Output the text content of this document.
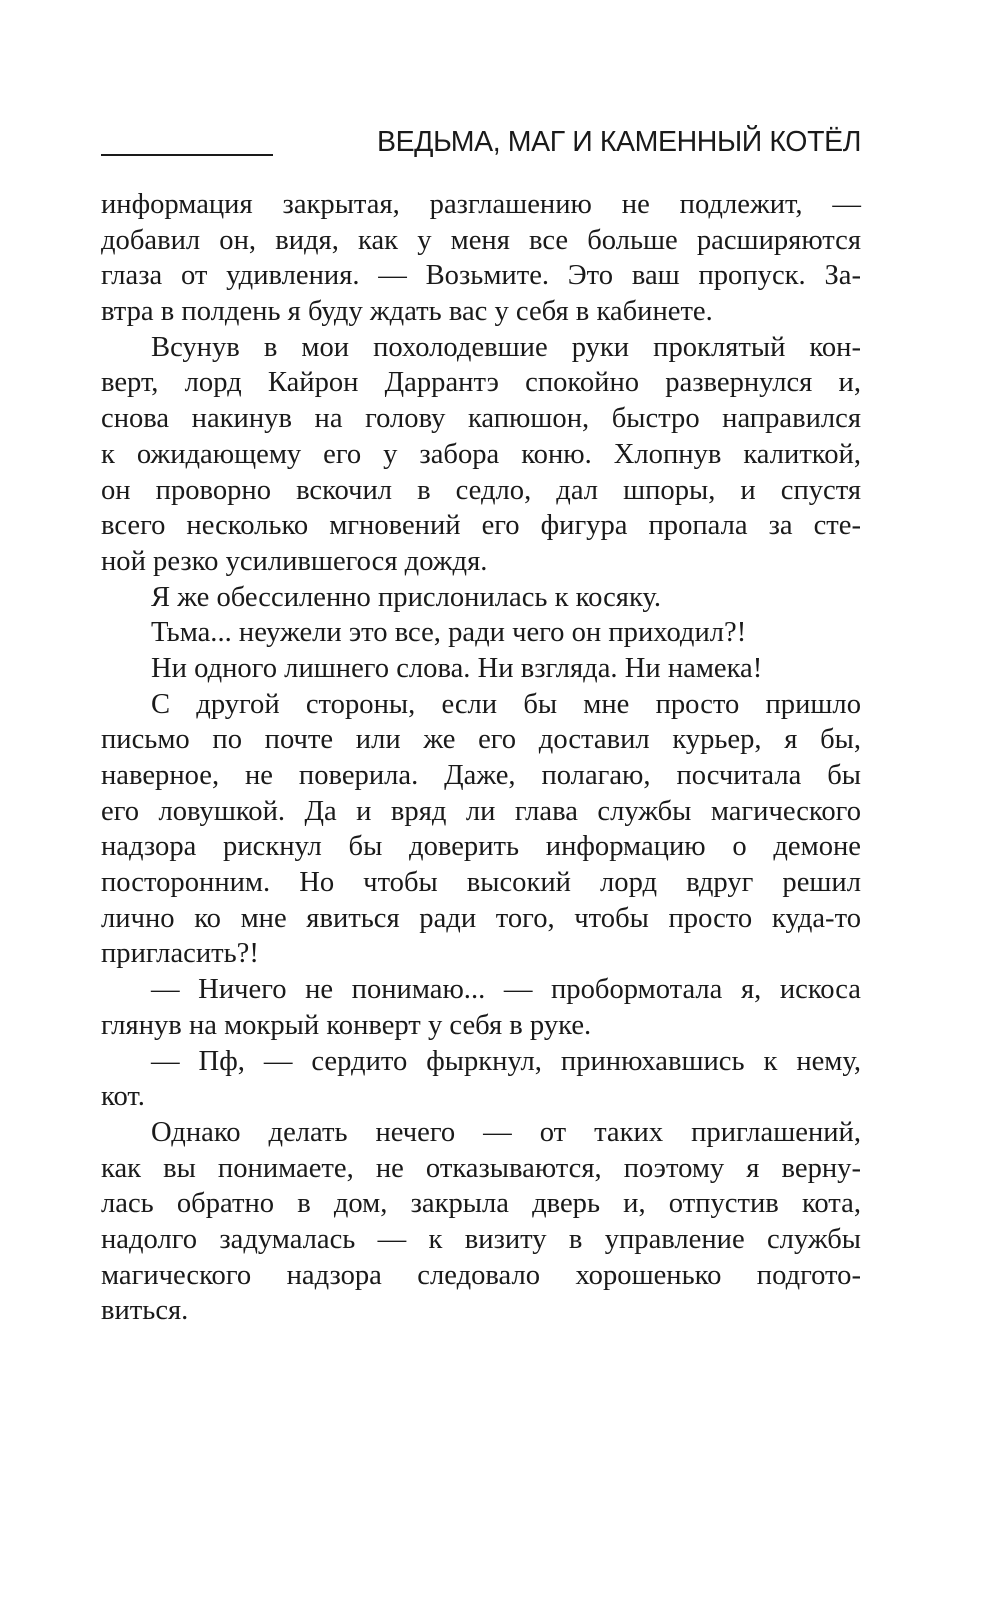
ВЕДЬМА, МАГ И КАМЕННЫЙ КОТЁЛ
информация закрытая, разглашению не подлежит, —
добавил он, видя, как у меня все больше расширяются
глаза от удивления. — Возьмите. Это ваш пропуск. За-
втра в полдень я буду ждать вас у себя в кабинете.
Всунув в мои похолодевшие руки проклятый кон-
верт, лорд Кайрон Даррантэ спокойно развернулся и,
снова накинув на голову капюшон, быстро направился
к ожидающему его у забора коню. Хлопнув калиткой,
он проворно вскочил в седло, дал шпоры, и спустя
всего несколько мгновений его фигура пропала за сте-
ной резко усилившегося дождя.
Я же обессиленно прислонилась к косяку.
Тьма... неужели это все, ради чего он приходил?!
Ни одного лишнего слова. Ни взгляда. Ни намека!
С другой стороны, если бы мне просто пришло
письмо по почте или же его доставил курьер, я бы,
наверное, не поверила. Даже, полагаю, посчитала бы
его ловушкой. Да и вряд ли глава службы магического
надзора рискнул бы доверить информацию о демоне
посторонним. Но чтобы высокий лорд вдруг решил
лично ко мне явиться ради того, чтобы просто куда-то
пригласить?!
— Ничего не понимаю... — пробормотала я, искоса
глянув на мокрый конверт у себя в руке.
— Пф, — сердито фыркнул, принюхавшись к нему,
кот.
Однако делать нечего — от таких приглашений,
как вы понимаете, не отказываются, поэтому я верну-
лась обратно в дом, закрыла дверь и, отпустив кота,
надолго задумалась — к визиту в управление службы
магического надзора следовало хорошенько подгото-
виться.
